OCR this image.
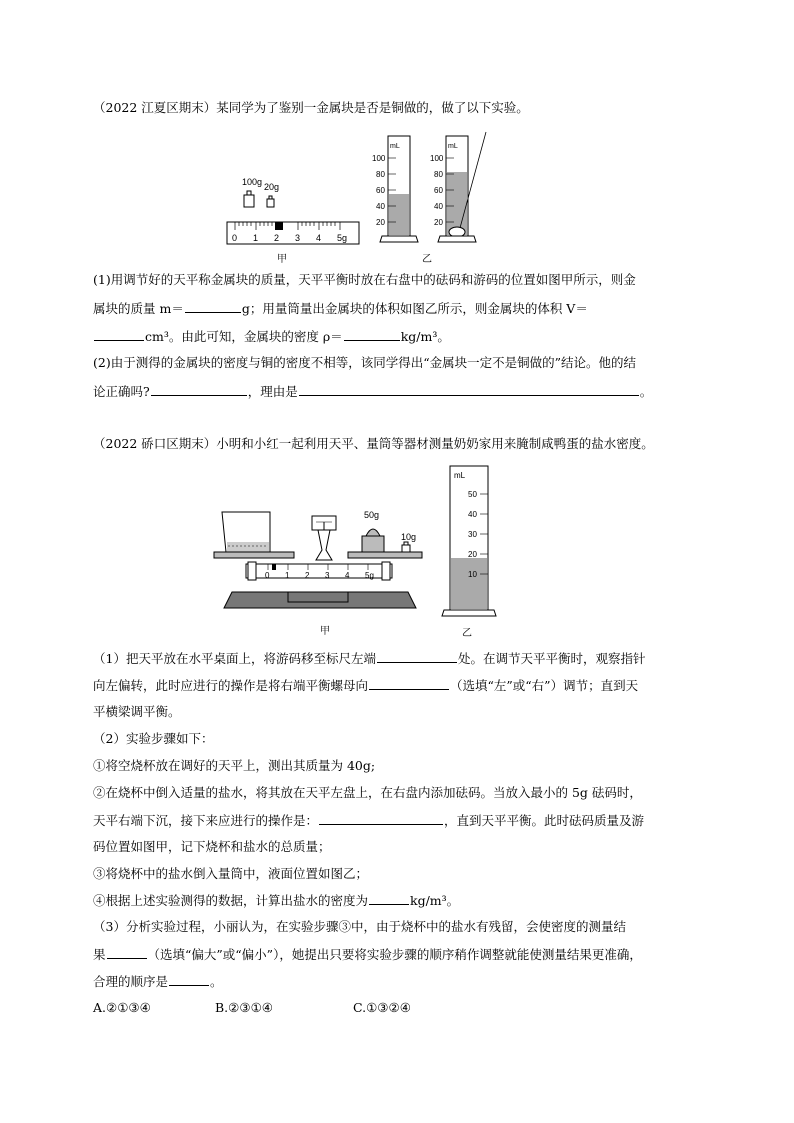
（2022 江夏区期末）某同学为了鉴别一金属块是否是铜做的，做了以下实验。
100g 20g
0 1 2 3 4 5g
甲
mL
100
80
60
40
20
mL
100
80
60
40
20
乙
(1)用调节好的天平称金属块的质量，天平平衡时放在右盘中的砝码和游码的位置如图甲所示，则金
属块的质量 m＝	g；用量筒量出金属块的体积如图乙所示，则金属块的体积 V＝
cm³。由此可知，金属块的密度 ρ＝	kg/m³。
(2)由于测得的金属块的密度与铜的密度不相等，该同学得出“金属块一定不是铜做的”结论。他的结
论正确吗?	，理由是	。
（2022 硚口区期末）小明和小红一起利用天平、量筒等器材测量奶奶家用来腌制咸鸭蛋的盐水密度。
50g
10g
0 1 2 3 4 5g
甲
mL
50
40
30
20
10
乙
（1）把天平放在水平桌面上，将游码移至标尺左端	处。在调节天平平衡时，观察指针
向左偏转，此时应进行的操作是将右端平衡螺母向	（选填“左”或“右”）调节；直到天
平横梁调平衡。
（2）实验步骤如下：
①将空烧杯放在调好的天平上，测出其质量为 40g;
②在烧杯中倒入适量的盐水，将其放在天平左盘上，在右盘内添加砝码。当放入最小的 5g 砝码时，
天平右端下沉，接下来应进行的操作是：	，直到天平平衡。此时砝码质量及游
码位置如图甲，记下烧杯和盐水的总质量；
③将烧杯中的盐水倒入量筒中，液面位置如图乙；
④根据上述实验测得的数据，计算出盐水的密度为	kg/m³。
（3）分析实验过程，小丽认为，在实验步骤③中，由于烧杯中的盐水有残留，会使密度的测量结
果	（选填“偏大”或“偏小”），她提出只要将实验步骤的顺序稍作调整就能使测量结果更准确，
合理的顺序是	。
A.②①③④	B.②③①④	C.①③②④
